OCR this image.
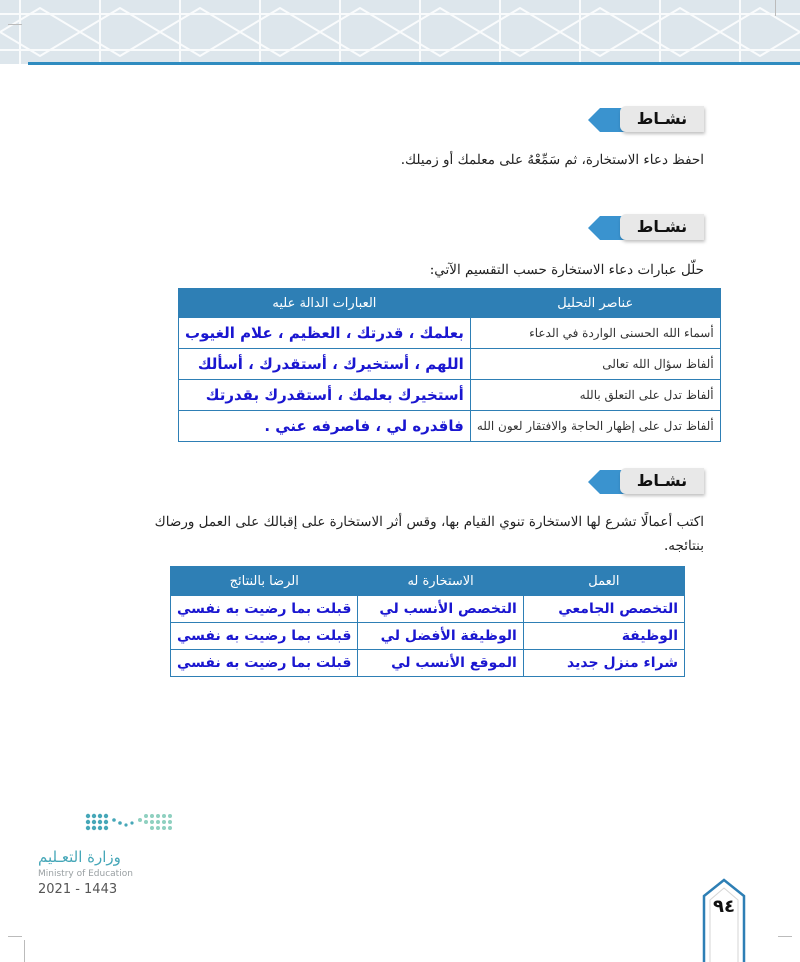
نشـاط
احفظ دعاء الاستخارة، ثم سَمِّعْهُ على معلمك أو زميلك.
نشـاط
حلّل عبارات دعاء الاستخارة حسب التقسيم الآتي:
عناصر التحليل	العبارات الدالة عليه
أسماء الله الحسنى الواردة في الدعاء	بعلمك ، قدرتك ، العظيم ، علام الغيوب
ألفاظ سؤال الله تعالى	اللهم ، أستخيرك ، أستقدرك ، أسألك
ألفاظ تدل على التعلق بالله	أستخيرك بعلمك ، أستقدرك بقدرتك
ألفاظ تدل على إظهار الحاجة والافتقار لعون الله	فاقدره لي ، فاصرفه عني .
نشـاط
اكتب أعمالًا تشرع لها الاستخارة تنوي القيام بها، وقس أثر الاستخارة على إقبالك على العمل ورضاك
بنتائجه.
العمل	الاستخارة له	الرضا بالنتائج
التخصص الجامعي	التخصص الأنسب لي	قبلت بما رضيت به نفسي
الوظيفة	الوظيفة الأفضل لي	قبلت بما رضيت به نفسي
شراء منزل جديد	الموقع الأنسب لي	قبلت بما رضيت به نفسي
وزارة التعـليم
Ministry of Education
2021 - 1443
٩٤
